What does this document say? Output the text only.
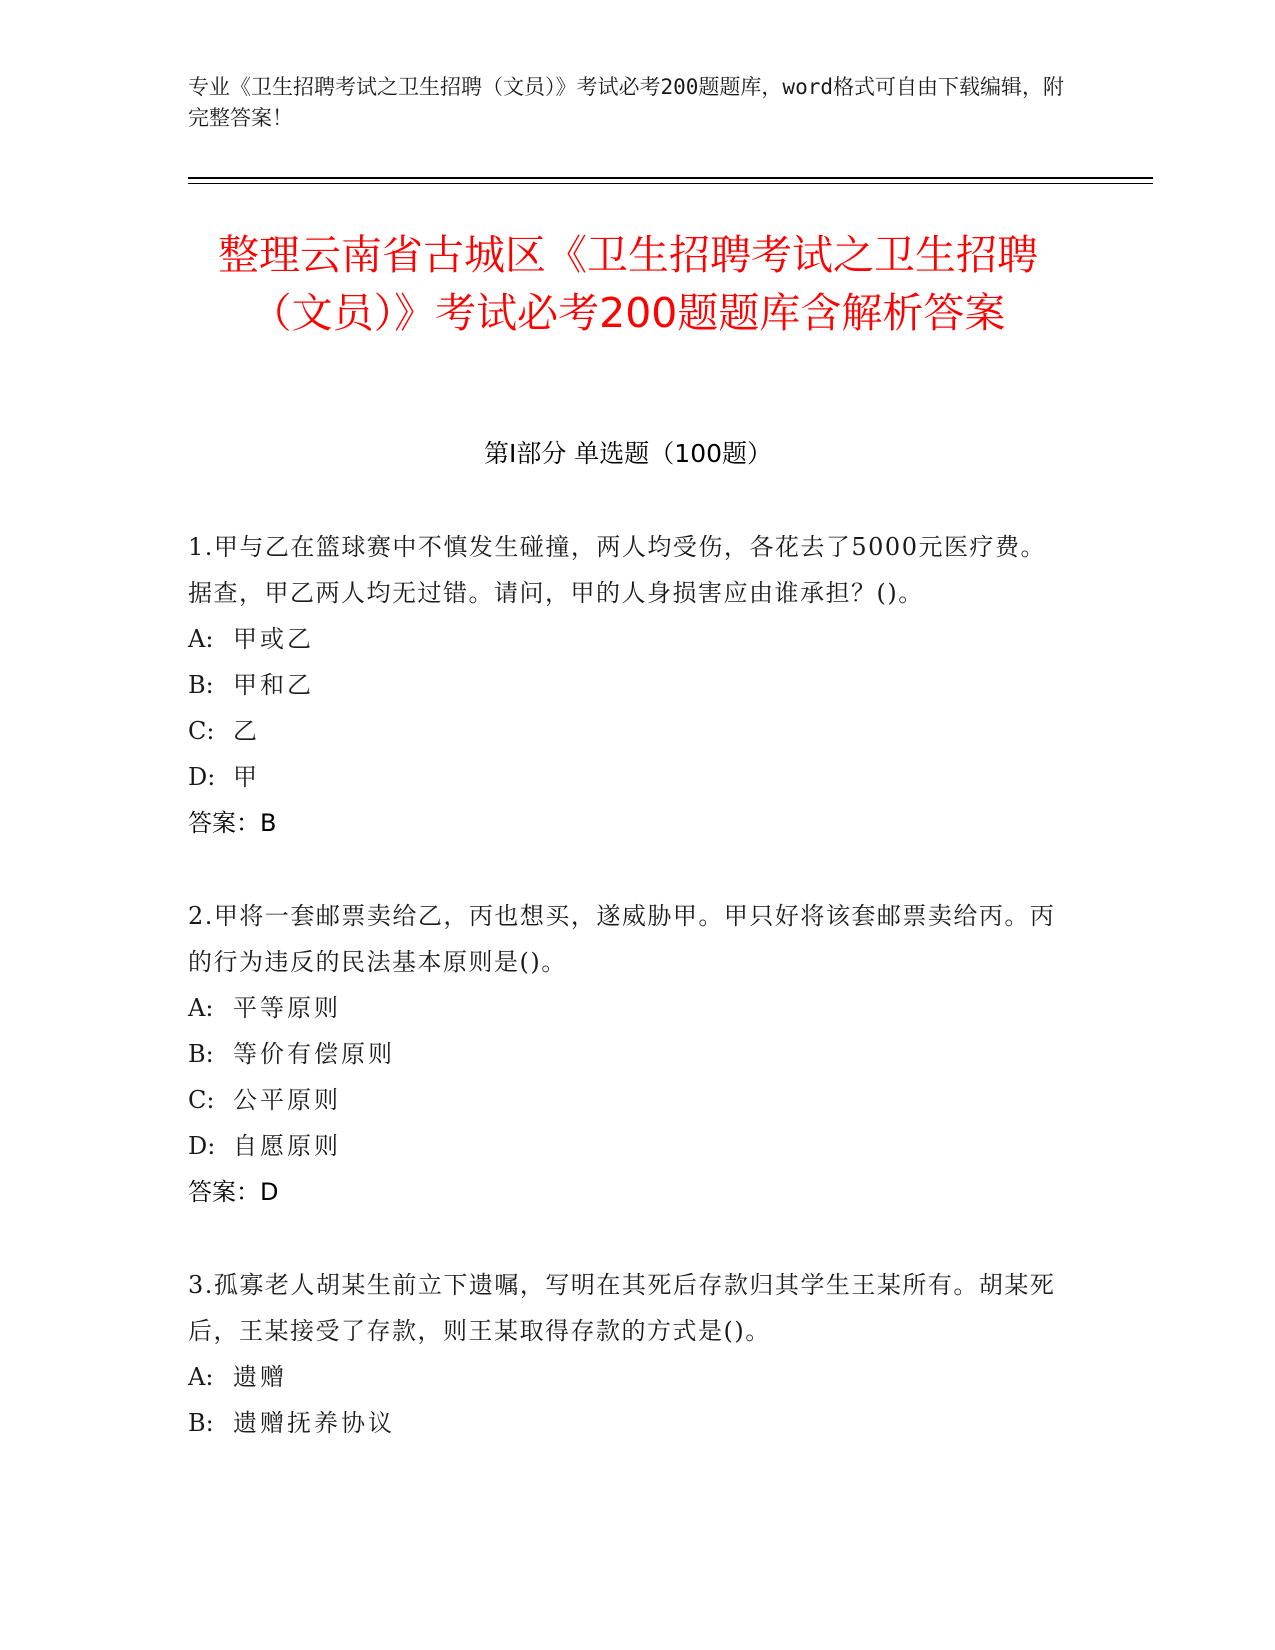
专业《卫生招聘考试之卫生招聘（文员）》考试必考200题题库，word格式可自由下载编辑，附完整答案！
整理云南省古城区《卫生招聘考试之卫生招聘（文员）》考试必考200题题库含解析答案
第I部分 单选题（100题）

1.甲与乙在篮球赛中不慎发生碰撞，两人均受伤，各花去了5000元医疗费。据查，甲乙两人均无过错。请问，甲的人身损害应由谁承担？()。

A: 甲或乙
B: 甲和乙
C: 乙
D: 甲

答案：B

2.甲将一套邮票卖给乙，丙也想买，遂威胁甲。甲只好将该套邮票卖给丙。丙的行为违反的民法基本原则是()。

A: 平等原则
B: 等价有偿原则
C: 公平原则
D: 自愿原则

答案：D

3.孤寡老人胡某生前立下遗嘱，写明在其死后存款归其学生王某所有。胡某死后，王某接受了存款，则王某取得存款的方式是()。

A: 遗赠
B: 遗赠抚养协议
